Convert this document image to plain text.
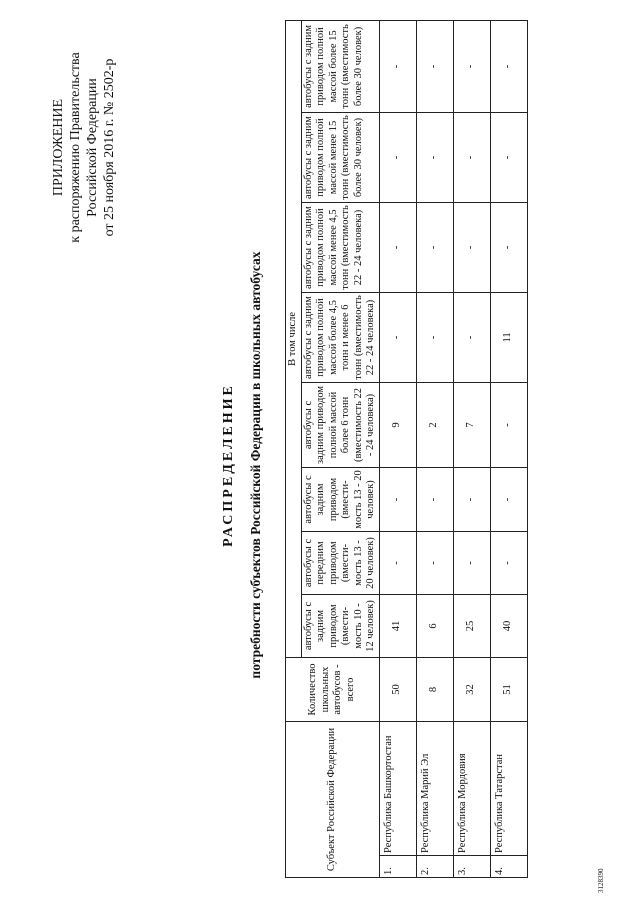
ПРИЛОЖЕНИЕ к распоряжению Правительства Российской Федерации от 25 ноября 2016 г. № 2502-р
РАСПРЕДЕЛЕНИЕ потребности субъектов Российской Федерации в школьных автобусах
Субъект Российской Федерации		Количество школьных автобусов - всего	В том числе							
			автобусы с задним приводом (вмести- мость 10 - 12 человек)	автобусы с передним приводом (вмести- мость 13 - 20 человек)	автобусы с задним приводом (вмести- мость 13 - 20 человек)	автобусы с задним приводом полной массой более 6 тонн (вместимость 22 - 24 человека)	автобусы с задним приводом полной массой более 4,5 тонн и менее 6 тонн (вместимость 22 - 24 человека)	автобусы с задним приводом полной массой менее 4,5 тонн (вместимость 22 - 24 человека)	автобусы с задним приводом полной массой менее 15 тонн (вместимость более 30 человек)	автобусы с задним приводом полной массой более 15 тонн (вместимость более 30 человек)
1.	Республика Башкортостан	50	41	-	-	9	-	-	-	-
2.	Республика Марий Эл	8	6	-	-	2	-	-	-	-
3.	Республика Мордовия	32	25	-	-	7	-	-	-	-
4.	Республика Татарстан	51	40	-	-	-	11	-	-	-
3128390
